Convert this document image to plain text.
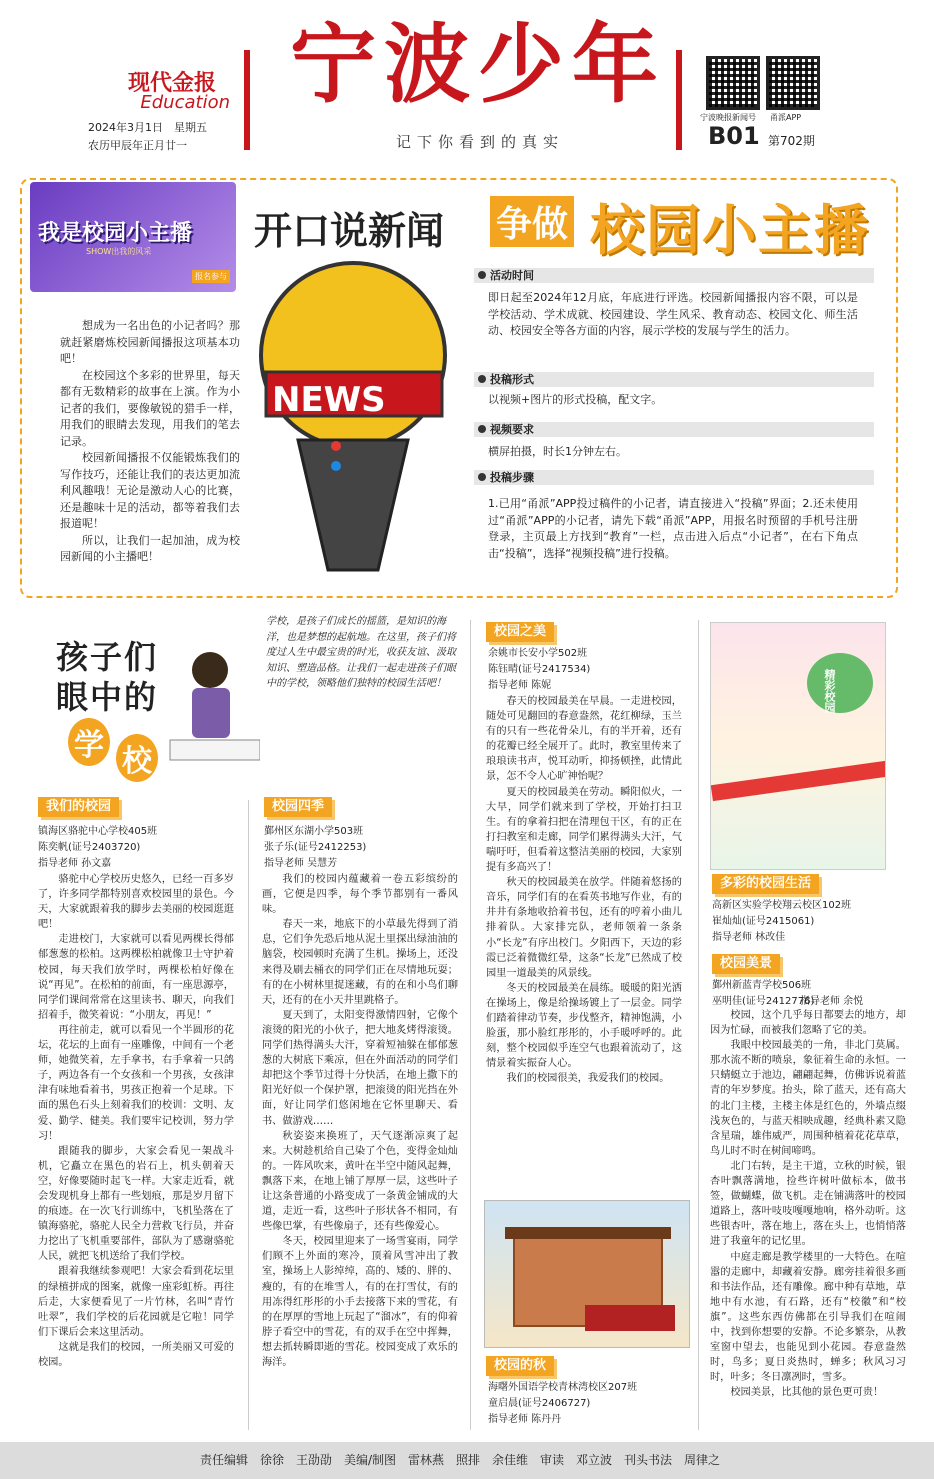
现代金报
Education
2024年3月1日　星期五
农历甲辰年正月廿一
宁波少年
记下你看到的真实
宁波晚报新闻号 甬派APP
B01 第702期
我是校园小主播
SHOW出我的风采
报名参与
开口说新闻 争做 校园小主播
NEWS

想成为一名出色的小记者吗？那就赶紧磨炼校园新闻播报这项基本功吧！

在校园这个多彩的世界里，每天都有无数精彩的故事在上演。作为小记者的我们，要像敏锐的猎手一样，用我们的眼睛去发现，用我们的笔去记录。

校园新闻播报不仅能锻炼我们的写作技巧，还能让我们的表达更加流利风趣哦！无论是激动人心的比赛，还是趣味十足的活动，都等着我们去报道呢！

所以，让我们一起加油，成为校园新闻的小主播吧！

活动时间
即日起至2024年12月底，年底进行评选。校园新闻播报内容不限，可以是学校活动、学术成就、校园建设、学生风采、教育动态、校园文化、师生活动、校园安全等各方面的内容，展示学校的发展与学生的活力。
投稿形式
以视频+图片的形式投稿，配文字。
视频要求
横屏拍摄，时长1分钟左右。
投稿步骤
1.已用“甬派”APP投过稿件的小记者，请直接进入“投稿”界面；2.还未使用过“甬派”APP的小记者，请先下载“甬派”APP，用报名时预留的手机号注册登录，主页最上方找到“教育”一栏，点击进入后点“小记者”，在右下角点击“投稿”，选择“视频投稿”进行投稿。
孩子们
眼中的
学 校
学校，是孩子们成长的摇篮，是知识的海洋，也是梦想的起航地。在这里，孩子们将度过人生中最宝贵的时光，收获友谊、汲取知识、塑造品格。让我们一起走进孩子们眼中的学校，领略他们独特的校园生活吧！
我们的校园
镇海区骆驼中心学校405班
陈奕帆(证号2403720)
指导老师 孙文嘉

骆驼中心学校历史悠久，已经一百多岁了，许多同学都特别喜欢校园里的景色。今天，大家就跟着我的脚步去美丽的校园逛逛吧！

走进校门，大家就可以看见两棵长得郁郁葱葱的松柏。这两棵松柏就像卫士守护着校园，每天我们放学时，两棵松柏好像在说“再见”。在松柏的前面，有一座思源亭，同学们课间常常在这里读书、聊天，向我们招着手，微笑着说：“小朋友，再见！”

再往前走，就可以看见一个半圆形的花坛，花坛的上面有一座雕像，中间有一个老师，她微笑着，左手拿书，右手拿着一只鸽子，两边各有一个女孩和一个男孩，女孩津津有味地看着书，男孩正抱着一个足球。下面的黑色石头上刻着我们的校训：文明、友爱、勤学、健美。我们要牢记校训，努力学习！

跟随我的脚步，大家会看见一架战斗机，它矗立在黑色的岩石上，机头朝着天空，好像要随时起飞一样。大家走近看，就会发现机身上都有一些划痕，那是岁月留下的痕迹。在一次飞行训练中，飞机坠落在了镇海骆驼，骆驼人民全力营救飞行员，并奋力挖出了飞机重要部件，部队为了感谢骆驼人民，就把飞机送给了我们学校。

跟着我继续参观吧！大家会看到花坛里的绿植拼成的图案，就像一座彩虹桥。再往后走，大家便看见了一片竹林，名叫“青竹吐翠”，我们学校的后花园就是它啦！同学们下课后会来这里活动。

这就是我们的校园，一所美丽又可爱的校园。

校园四季
鄞州区东湖小学503班
张子乐(证号2412253)
指导老师 吴慧芳

我们的校园内蕴藏着一卷五彩缤纷的画，它便是四季，每个季节都别有一番风味。

春天一来，地底下的小草最先得到了消息，它们争先恐后地从泥土里探出绿油油的脑袋，校园顿时充满了生机。操场上，还没来得及刷去桶衣的同学们正在尽情地玩耍；有的在小树林里捉迷藏，有的在和小鸟们聊天，还有的在小天井里跳格子。

夏天到了，太阳变得激情四射，它像个滚烫的阳光的小伙子，把大地炙烤得滚烫。同学们热得满头大汗，穿着短袖躲在郁郁葱葱的大树底下乘凉，但在外面活动的同学们却把这个季节过得十分快活，在地上撒下的阳光好似一个保护罩，把滚烫的阳光挡在外面，好让同学们悠闲地在它怀里聊天、看书、做游戏……

秋姿姿来换班了，天气逐渐凉爽了起来。大树趁机给自己染了个色，变得金灿灿的。一阵风吹来，黄叶在半空中随风起舞，飘落下来，在地上铺了厚厚一层，这些叶子让这条普通的小路变成了一条黄金铺成的大道，走近一看，这些叶子形状各不相同，有些像巴掌，有些像扇子，还有些像爱心。

冬天，校园里迎来了一场雪宴雨，同学们顾不上外面的寒冷，顶着风雪冲出了教室，操场上人影绰绰，高的、矮的、胖的、瘦的，有的在堆雪人，有的在打雪仗，有的用冻得红彤彤的小手去接落下来的雪花，有的在厚厚的雪地上玩起了“溜冰”，有的仰着脖子看空中的雪花，有的双手在空中挥舞，想去抓转瞬即逝的雪花。校园变成了欢乐的海洋。

校园之美
余姚市长安小学502班
陈钰晴(证号2417534)
指导老师 陈妮

春天的校园最美在早晨。一走进校园，随处可见翻回的春意盎然，花红柳绿，玉兰有的只有一些花骨朵儿，有的半开着，还有的花瓣已经全展开了。此时，教室里传来了琅琅读书声，悦耳动听，抑扬顿挫，此情此景，怎不令人心旷神怡呢？

夏天的校园最美在劳动。瞬阳似火，一大早，同学们就来到了学校，开始打扫卫生。有的拿着扫把在清理包干区，有的正在打扫教室和走廊，同学们累得满头大汗，气喘吁吁，但看着这整洁美丽的校园，大家别提有多高兴了！

秋天的校园最美在放学。伴随着悠扬的音乐，同学们有的在看英书地写作业，有的井井有条地收拾着书包，还有的哼着小曲儿排着队。大家排完队，老师领着一条条小“长龙”有序出校门。夕阳西下，天边的彩霞已泛着微微红晕，这条“长龙”已然成了校园里一道最美的风景线。

冬天的校园最美在晨练。暖暖的阳光洒在操场上，像是给操场镀上了一层金。同学们踏着律动节奏，步伐整齐，精神饱满，小脸蛋，那小脸红彤彤的，小手暖呼呼的。此刻，整个校园似乎连空气也跟着流动了，这情景着实振奋人心。

我们的校园很美，我爱我们的校园。

校园的秋
海曙外国语学校青林湾校区207班
童启晨(证号2406727)
指导老师 陈丹丹
精彩校园
多彩的校园生活
高新区实验学校翔云校区102班
崔灿灿(证号2415061)
指导老师 林改佳
校园美景
鄞州新蓝青学校506班
巫明佳(证号2412776)
指导老师 余悦

校园，这个几乎每日都要去的地方，却因为忙碌，而被我们忽略了它的美。

我眼中校园最美的一角，非北门莫属。那水流不断的喷泉，象征着生命的永恒。一只蜻蜓立于池边，翩翩起舞，仿佛诉说着蓝青的年岁梦度。抬头，除了蓝天，还有高大的北门主楼，主楼主体是红色的，外墙点缀浅灰色的，与蓝天相映成趣，经典朴素又隐含星瑞，雄伟威严，周围种植着花花草草，鸟儿时不时在树间啼鸣。

北门右转，是主干道，立秋的时候，银杏叶飘落满地，捡些许树叶做标本，做书签，做蝴蝶，做飞机。走在铺满落叶的校园道路上，落叶吱吱嘎嘎地响，格外动听。这些银杏叶，落在地上，落在头上，也悄悄落进了我童年的记忆里。

中庭走廊是教学楼里的一大特色。在喧嚣的走廊中，却藏着安静。廊旁挂着很多画和书法作品，还有雕像。廊中种有草地，草地中有水池，有石路，还有“校徽”和“校旗”。这些东西仿佛都在引导我们在喧闹中，找到你想要的安静。不论多繁杂，从教室窗中望去，也能见到小花园。春意盎然时，鸟多；夏日炎热时，蝉多；秋风习习时，叶多；冬日凛冽时，雪多。

校园美景，比其他的景色更可贵！

责任编辑　徐徐　王劭劭　美编/制图　雷林燕　照排　余佳维　审读　邓立波　刊头书法　周律之
